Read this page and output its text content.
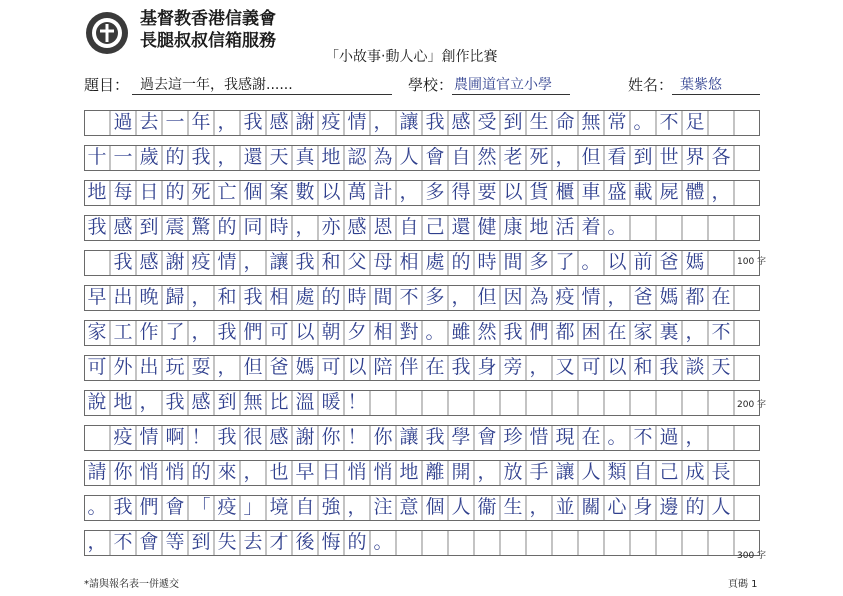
基督教香港信義會
長腿叔叔信箱服務
「小故事‧動人心」創作比賽
題目： 過去這一年，我感謝......	學校： 農圃道官立小學	姓名： 葉紫悠

過 去 一 年 ， 我 感 謝 疫 情 ， 讓 我 感 受 到 生 命 無 常 。 不 足
十 一 歲 的 我 ， 還 天 真 地 認 為 人 會 自 然 老 死 ， 但 看 到 世 界 各
地 每 日 的 死 亡 個 案 數 以 萬 計 ， 多 得 要 以 貨 櫃 車 盛 載 屍 體 ，
我 感 到 震 驚 的 同 時 ， 亦 感 恩 自 己 還 健 康 地 活 着 。

我 感 謝 疫 情 ， 讓 我 和 父 母 相 處 的 時 間 多 了 。 以 前 爸 媽
早 出 晚 歸 ， 和 我 相 處 的 時 間 不 多 ， 但 因 為 疫 情 ， 爸 媽 都 在
家 工 作 了 ， 我 們 可 以 朝 夕 相 對 。 雖 然 我 們 都 困 在 家 裏 ， 不
可 外 出 玩 耍 ， 但 爸 媽 可 以 陪 伴 在 我 身 旁 ， 又 可 以 和 我 談 天
說 地 ， 我 感 到 無 比 溫 暖 ！

疫 情 啊 ！ 我 很 感 謝 你 ！ 你 讓 我 學 會 珍 惜 現 在 。 不 過 ，
請 你 悄 悄 的 來 ， 也 早 日 悄 悄 地 離 開 ， 放 手 讓 人 類 自 己 成 長
。 我 們 會 「 疫 」 境 自 強 ， 注 意 個 人 衞 生 ， 並 關 心 身 邊 的 人
， 不 會 等 到 失 去 才 後 悔 的 。
100 字
200 字
300 字
*請與報名表一併遞交	頁碼 1
